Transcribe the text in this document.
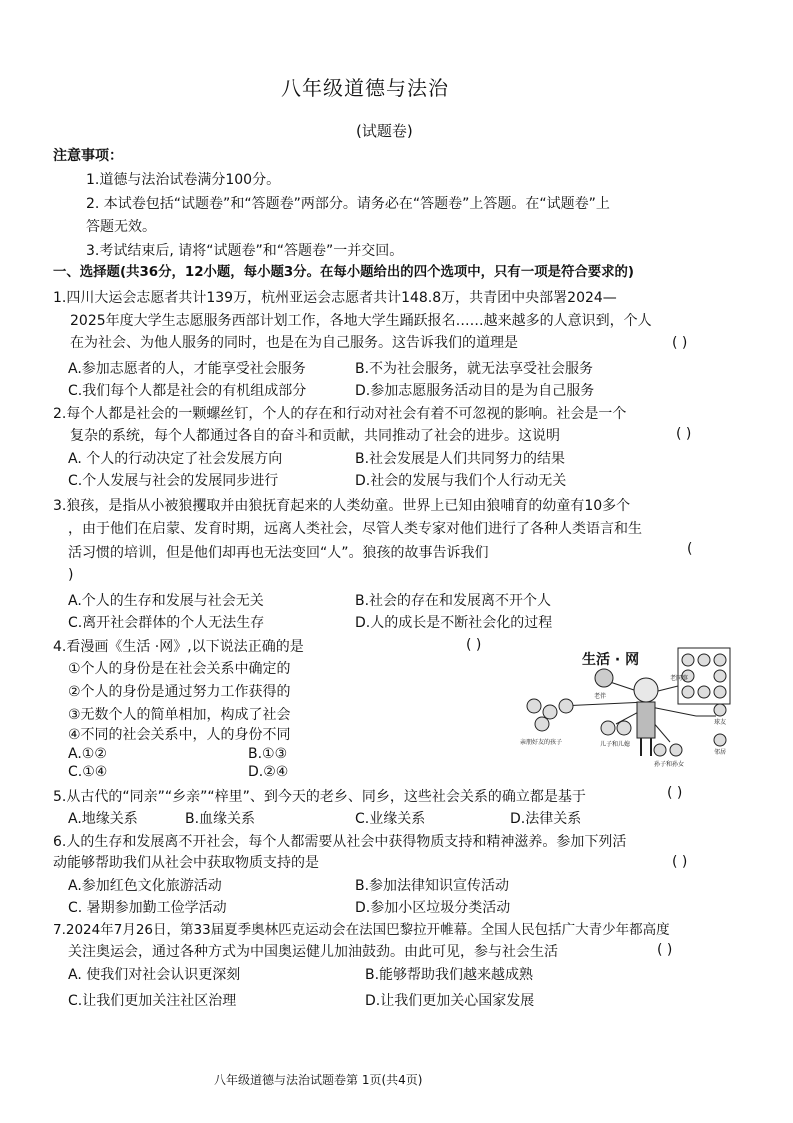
八年级道德与法治
(试题卷)
注意事项：
1.道德与法治试卷满分100分。
2. 本试卷包括“试题卷”和“答题卷”两部分。请务必在“答题卷”上答题。在“试题卷”上
答题无效。
3.考试结束后, 请将“试题卷”和“答题卷”一并交回。
一、选择题(共36分，12小题，每小题3分。在每小题给出的四个选项中，只有一项是符合要求的)
1.四川大运会志愿者共计139万，杭州亚运会志愿者共计148.8万，共青团中央部署2024—
2025年度大学生志愿服务西部计划工作，各地大学生踊跃报名……越来越多的人意识到，个人
在为社会、为他人服务的同时，也是在为自己服务。这告诉我们的道理是	( )
A.参加志愿者的人，才能享受社会服务	B.不为社会服务，就无法享受社会服务
C.我们每个人都是社会的有机组成部分	D.参加志愿服务活动目的是为自己服务
2.每个人都是社会的一颗螺丝钉，个人的存在和行动对社会有着不可忽视的影响。社会是一个
复杂的系统，每个人都通过各自的奋斗和贡献，共同推动了社会的进步。这说明	( )
A. 个人的行动决定了社会发展方向	B.社会发展是人们共同努力的结果
C.个人发展与社会的发展同步进行	D.社会的发展与我们个人行动无关
3.狼孩，是指从小被狼攫取并由狼抚育起来的人类幼童。世界上已知由狼哺育的幼童有10多个
，由于他们在启蒙、发育时期，远离人类社会，尽管人类专家对他们进行了各种人类语言和生
活习惯的培训，但是他们却再也无法变回“人”。狼孩的故事告诉我们	(
)
A.个人的生存和发展与社会无关	B.社会的存在和发展离不开个人
C.离开社会群体的个人无法生存	D.人的成长是不断社会化的过程
4.看漫画《生活 ·网》,以下说法正确的是	( )
①个人的身份是在社会关系中确定的
②个人的身份是通过努力工作获得的
③无数个人的简单相加，构成了社会
④不同的社会关系中，人的身份不同
A.①②	B.①③
C.①④	D.②④
生活 · 网
老伴
老同事
亲朋好友的孩子	儿子和儿媳
孙子和孙女
球友
邻居
5.从古代的“同亲”“乡亲”“梓里”、到今天的老乡、同乡，这些社会关系的确立都是基于	( )
A.地缘关系	B.血缘关系	C.业缘关系	D.法律关系
6.人的生存和发展离不开社会，每个人都需要从社会中获得物质支持和精神滋养。参加下列活
动能够帮助我们从社会中获取物质支持的是	( )
A.参加红色文化旅游活动	B.参加法律知识宣传活动
C. 暑期参加勤工俭学活动	D.参加小区垃圾分类活动
7.2024年7月26日，第33届夏季奥林匹克运动会在法国巴黎拉开帷幕。全国人民包括广大青少年都高度
关注奥运会，通过各种方式为中国奥运健儿加油鼓劲。由此可见，参与社会生活	( )
A. 使我们对社会认识更深刻	B.能够帮助我们越来越成熟
C.让我们更加关注社区治理	D.让我们更加关心国家发展
八年级道德与法治试题卷第 1页(共4页)
